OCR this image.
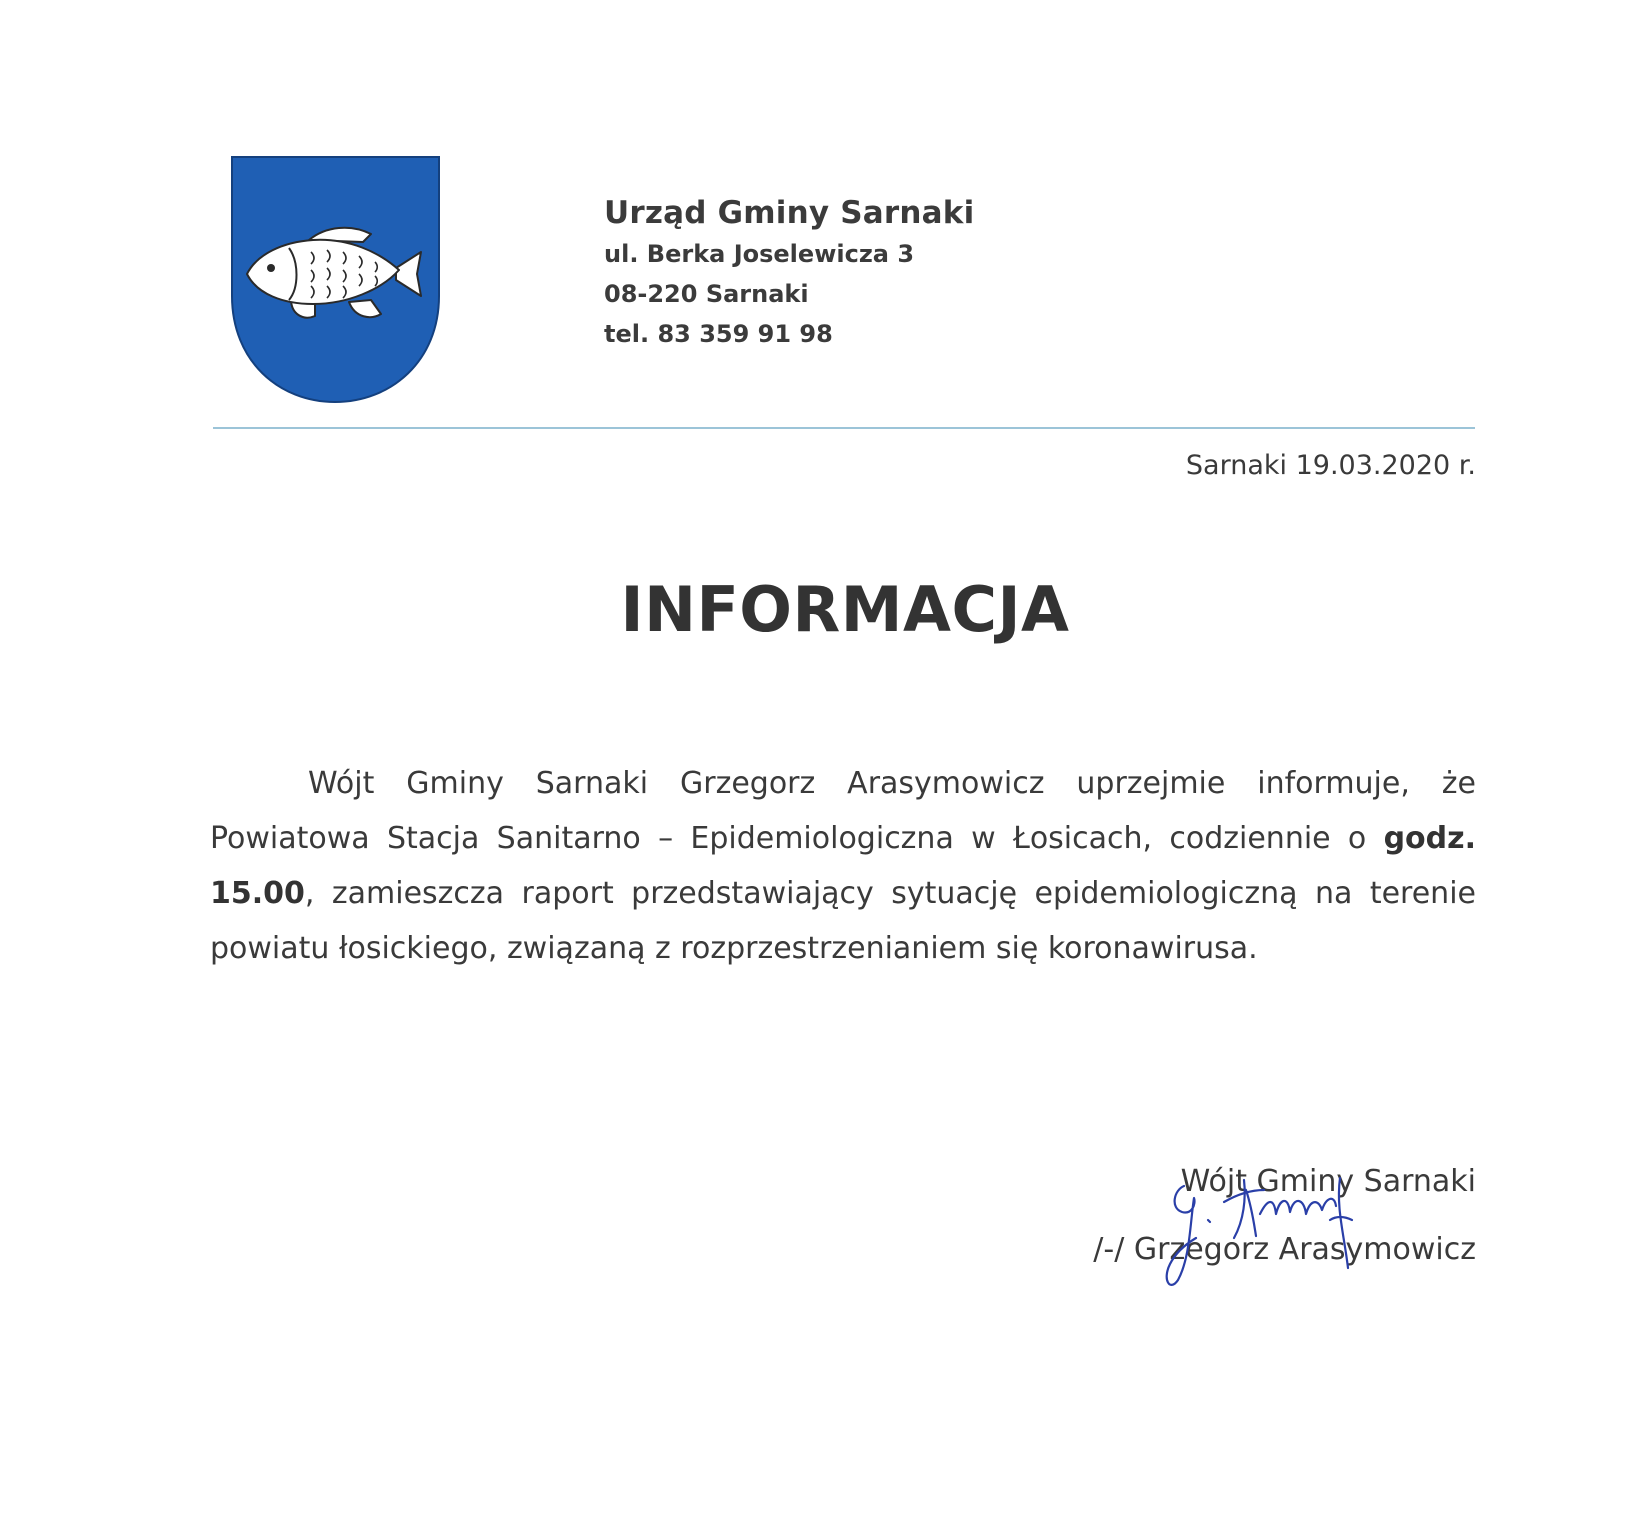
Urząd Gminy Sarnaki
ul. Berka Joselewicza 3
08-220 Sarnaki
tel. 83 359 91 98
Sarnaki 19.03.2020 r.
INFORMACJA

Wójt Gminy Sarnaki Grzegorz Arasymowicz uprzejmie informuje, że Powiatowa Stacja Sanitarno – Epidemiologiczna w Łosicach, codziennie o godz. 15.00, zamieszcza raport przedstawiający sytuację epidemiologiczną na terenie powiatu łosickiego, związaną z rozprzestrzenianiem się koronawirusa.

Wójt Gminy Sarnaki
/-/ Grzegorz Arasymowicz
